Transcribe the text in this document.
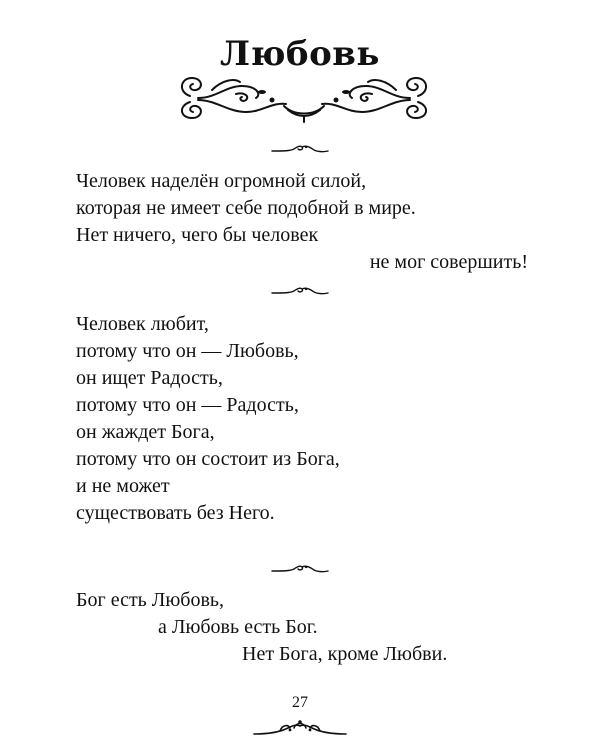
Любовь
Человек наделён огромной силой,
которая не имеет себе подобной в мире.
Нет ничего, чего бы человек
не мог совершить!
Человек любит,
потому что он — Любовь,
он ищет Радость,
потому что он — Радость,
он жаждет Бога,
потому что он состоит из Бога,
и не может
существовать без Него.
Бог есть Любовь,
а Любовь есть Бог.
Нет Бога, кроме Любви.
27
